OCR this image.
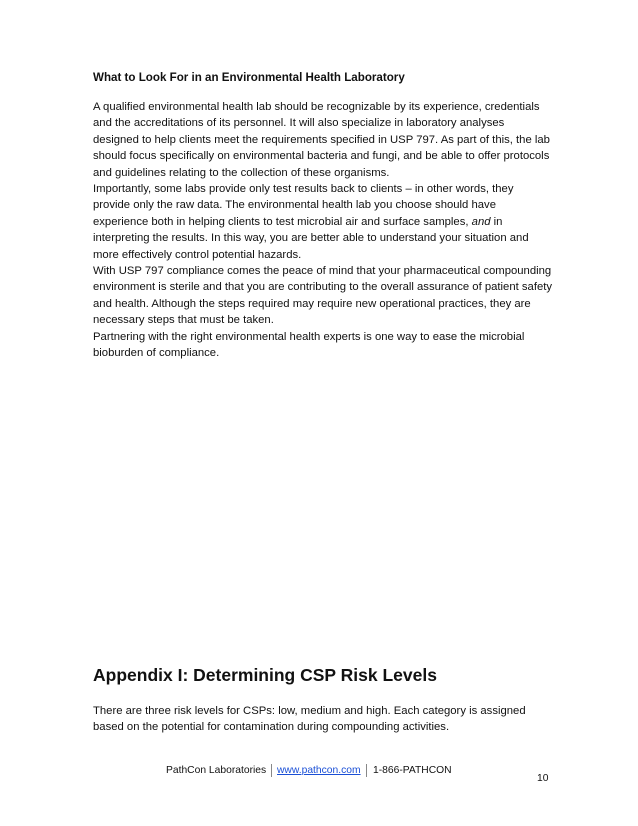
What to Look For in an Environmental Health Laboratory

A qualified environmental health lab should be recognizable by its experience, credentials and the accreditations of its personnel. It will also specialize in laboratory analyses designed to help clients meet the requirements specified in USP 797. As part of this, the lab should focus specifically on environmental bacteria and fungi, and be able to offer protocols and guidelines relating to the collection of these organisms.

Importantly, some labs provide only test results back to clients – in other words, they provide only the raw data. The environmental health lab you choose should have experience both in helping clients to test microbial air and surface samples, and in interpreting the results. In this way, you are better able to understand your situation and more effectively control potential hazards.

With USP 797 compliance comes the peace of mind that your pharmaceutical compounding environment is sterile and that you are contributing to the overall assurance of patient safety and health. Although the steps required may require new operational practices, they are necessary steps that must be taken.

Partnering with the right environmental health experts is one way to ease the microbial bioburden of compliance.

Appendix I: Determining CSP Risk Levels

There are three risk levels for CSPs: low, medium and high. Each category is assigned based on the potential for contamination during compounding activities.

PathCon Laboratories www.pathcon.com 1-866-PATHCON
10
